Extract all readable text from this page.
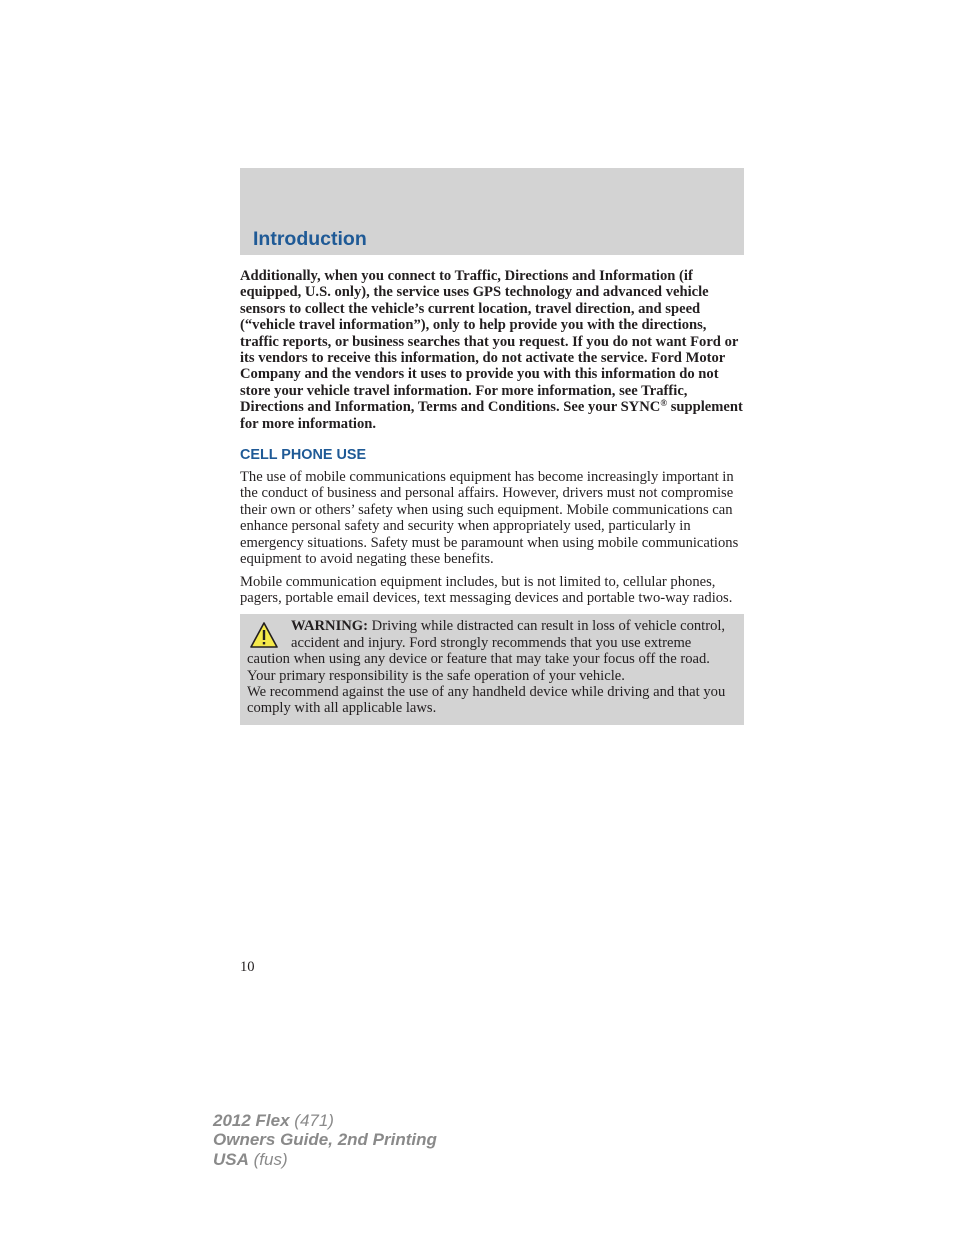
Introduction

Additionally, when you connect to Traffic, Directions and Information (if equipped, U.S. only), the service uses GPS technology and advanced vehicle sensors to collect the vehicle’s current location, travel direction, and speed (“vehicle travel information”), only to help provide you with the directions, traffic reports, or business searches that you request. If you do not want Ford or its vendors to receive this information, do not activate the service. Ford Motor Company and the vendors it uses to provide you with this information do not store your vehicle travel information. For more information, see Traffic, Directions and Information, Terms and Conditions. See your SYNC® supplement for more information.

CELL PHONE USE

The use of mobile communications equipment has become increasingly important in the conduct of business and personal affairs. However, drivers must not compromise their own or others’ safety when using such equipment. Mobile communications can enhance personal safety and security when appropriately used, particularly in emergency situations. Safety must be paramount when using mobile communications equipment to avoid negating these benefits.

Mobile communication equipment includes, but is not limited to, cellular phones, pagers, portable email devices, text messaging devices and portable two-way radios.

WARNING: Driving while distracted can result in loss of vehicle control, accident and injury. Ford strongly recommends that you use extreme caution when using any device or feature that may take your focus off the road. Your primary responsibility is the safe operation of your vehicle.

We recommend against the use of any handheld device while driving and that you comply with all applicable laws.

10
2012 Flex (471)
Owners Guide, 2nd Printing
USA (fus)
